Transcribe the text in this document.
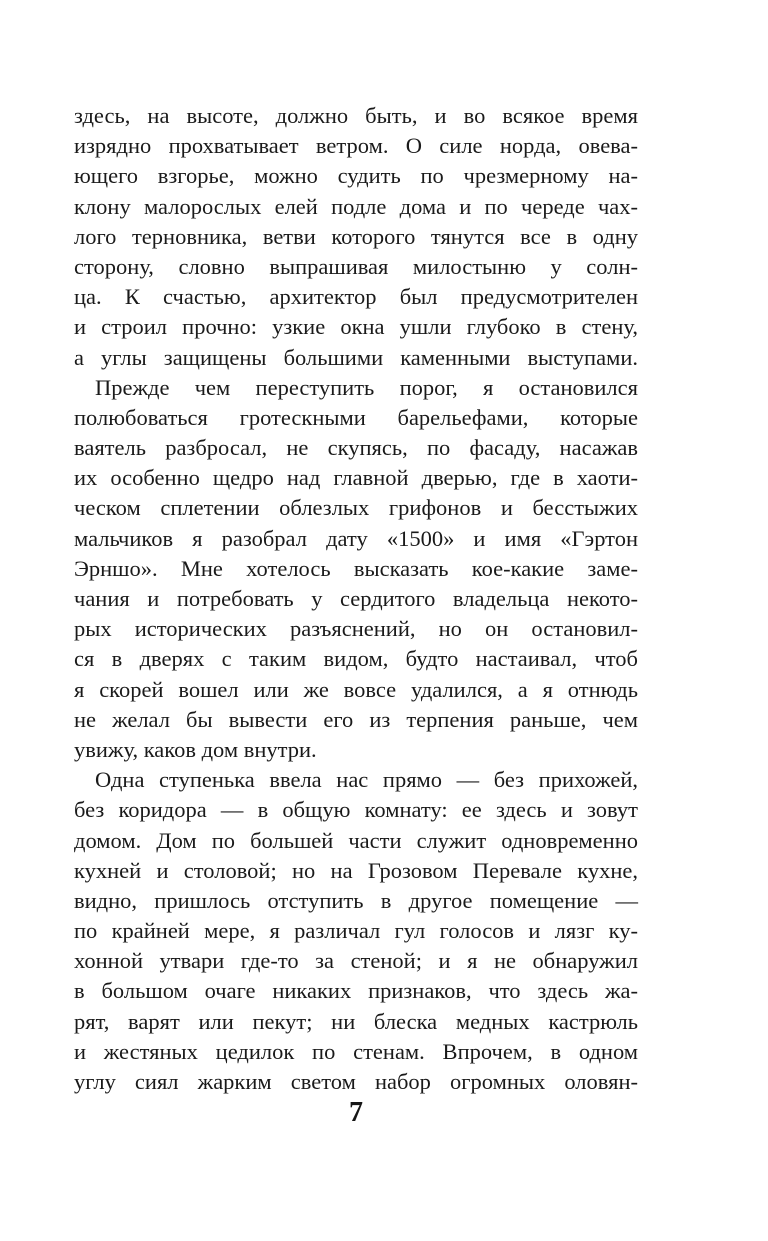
здесь, на высоте, должно быть, и во всякое время
изрядно прохватывает ветром. О силе норда, овева-
ющего взгорье, можно судить по чрезмерному на-
клону малорослых елей подле дома и по череде чах-
лого терновника, ветви которого тянутся все в одну
сторону, словно выпрашивая милостыню у солн-
ца. К счастью, архитектор был предусмотрителен
и строил прочно: узкие окна ушли глубоко в стену,
а углы защищены большими каменными выступами.
Прежде чем переступить порог, я остановился
полюбоваться гротескными барельефами, которые
ваятель разбросал, не скупясь, по фасаду, насажав
их особенно щедро над главной дверью, где в хаоти-
ческом сплетении облезлых грифонов и бесстыжих
мальчиков я разобрал дату «1500» и имя «Гэртон
Эрншо». Мне хотелось высказать кое-какие заме-
чания и потребовать у сердитого владельца некото-
рых исторических разъяснений, но он остановил-
ся в дверях с таким видом, будто настаивал, чтоб
я скорей вошел или же вовсе удалился, а я отнюдь
не желал бы вывести его из терпения раньше, чем
увижу, каков дом внутри.
Одна ступенька ввела нас прямо — без прихожей,
без коридора — в общую комнату: ее здесь и зовут
домом. Дом по большей части служит одновременно
кухней и столовой; но на Грозовом Перевале кухне,
видно, пришлось отступить в другое помещение —
по крайней мере, я различал гул голосов и лязг ку-
хонной утвари где-то за стеной; и я не обнаружил
в большом очаге никаких признаков, что здесь жа-
рят, варят или пекут; ни блеска медных кастрюль
и жестяных цедилок по стенам. Впрочем, в одном
углу сиял жарким светом набор огромных оловян-
7
